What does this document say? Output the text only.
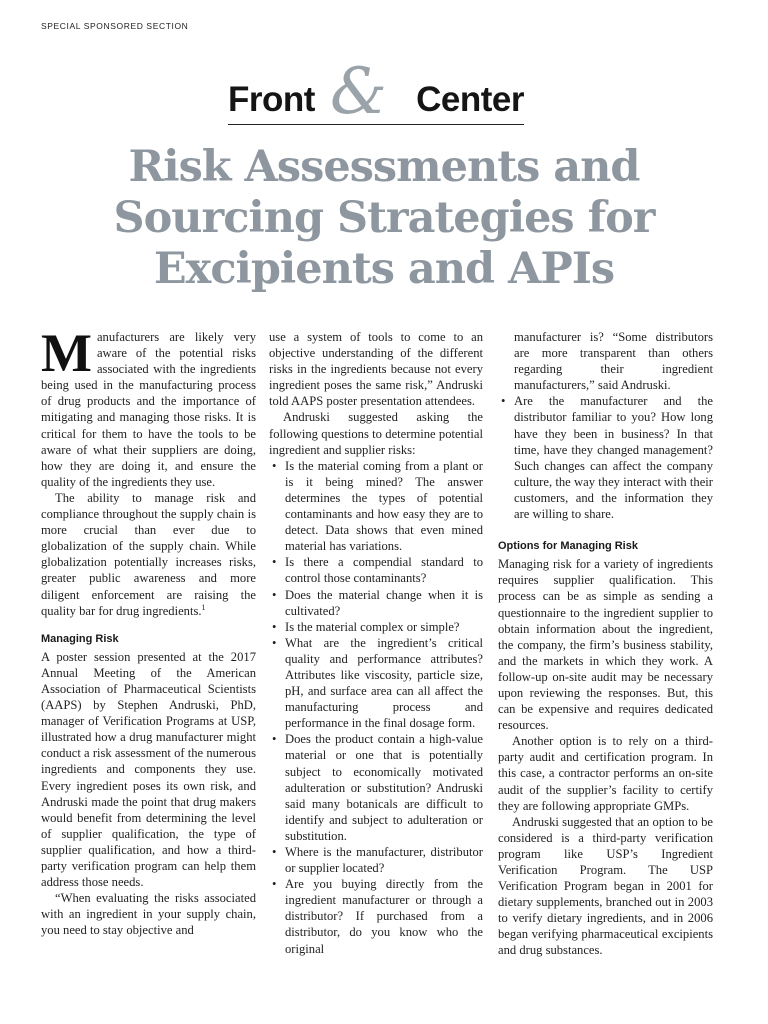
SPECIAL SPONSORED SECTION
Front & Center
Risk Assessments and
Sourcing Strategies for
Excipients and APIs

Manufacturers are likely very aware of the potential risks associated with the ingredients being used in the manufacturing process of drug products and the importance of mitigating and managing those risks. It is critical for them to have the tools to be aware of what their suppliers are doing, how they are doing it, and ensure the quality of the ingredients they use.

The ability to manage risk and compliance throughout the supply chain is more crucial than ever due to globalization of the supply chain. While globalization potentially increases risks, greater public awareness and more diligent enforcement are raising the quality bar for drug ingredients.$^1$

Managing Risk

A poster session presented at the 2017 Annual Meeting of the American Association of Pharmaceutical Scientists (AAPS) by Stephen Andruski, PhD, manager of Verification Programs at USP, illustrated how a drug manufacturer might conduct a risk assessment of the numerous ingredients and components they use. Every ingredient poses its own risk, and Andruski made the point that drug makers would benefit from determining the level of supplier qualification, the type of supplier qualification, and how a third-party verification program can help them address those needs.

“When evaluating the risks associated with an ingredient in your supply chain, you need to stay objective and

use a system of tools to come to an objective understanding of the different risks in the ingredients because not every ingredient poses the same risk,” Andruski told AAPS poster presentation attendees.

Andruski suggested asking the following questions to determine potential ingredient and supplier risks:

• Is the material coming from a plant or is it being mined? The answer determines the types of potential contaminants and how easy they are to detect. Data shows that even mined material has variations.
• Is there a compendial standard to control those contaminants?
• Does the material change when it is cultivated?
• Is the material complex or simple?
• What are the ingredient’s critical quality and performance attributes? Attributes like viscosity, particle size, pH, and surface area can all affect the manufacturing process and performance in the final dosage form.
• Does the product contain a high-value material or one that is potentially subject to economically motivated adulteration or substitution? Andruski said many botanicals are difficult to identify and subject to adulteration or substitution.
• Where is the manufacturer, distributor or supplier located?
• Are you buying directly from the ingredient manufacturer or through a distributor? If purchased from a distributor, do you know who the original

manufacturer is? “Some distributors are more transparent than others regarding their ingredient manufacturers,” said Andruski.

• Are the manufacturer and the distributor familiar to you? How long have they been in business? In that time, have they changed management? Such changes can affect the company culture, the way they interact with their customers, and the information they are willing to share.
Options for Managing Risk

Managing risk for a variety of ingredients requires supplier qualification. This process can be as simple as sending a questionnaire to the ingredient supplier to obtain information about the ingredient, the company, the firm’s business stability, and the markets in which they work. A follow-up on-site audit may be necessary upon reviewing the responses. But, this can be expensive and requires dedicated resources.

Another option is to rely on a third-party audit and certification program. In this case, a contractor performs an on-site audit of the supplier’s facility to certify they are following appropriate GMPs.

Andruski suggested that an option to be considered is a third-party verification program like USP’s Ingredient Verification Program. The USP Verification Program began in 2001 for dietary supplements, branched out in 2003 to verify dietary ingredients, and in 2006 began verifying pharmaceutical excipients and drug substances.
